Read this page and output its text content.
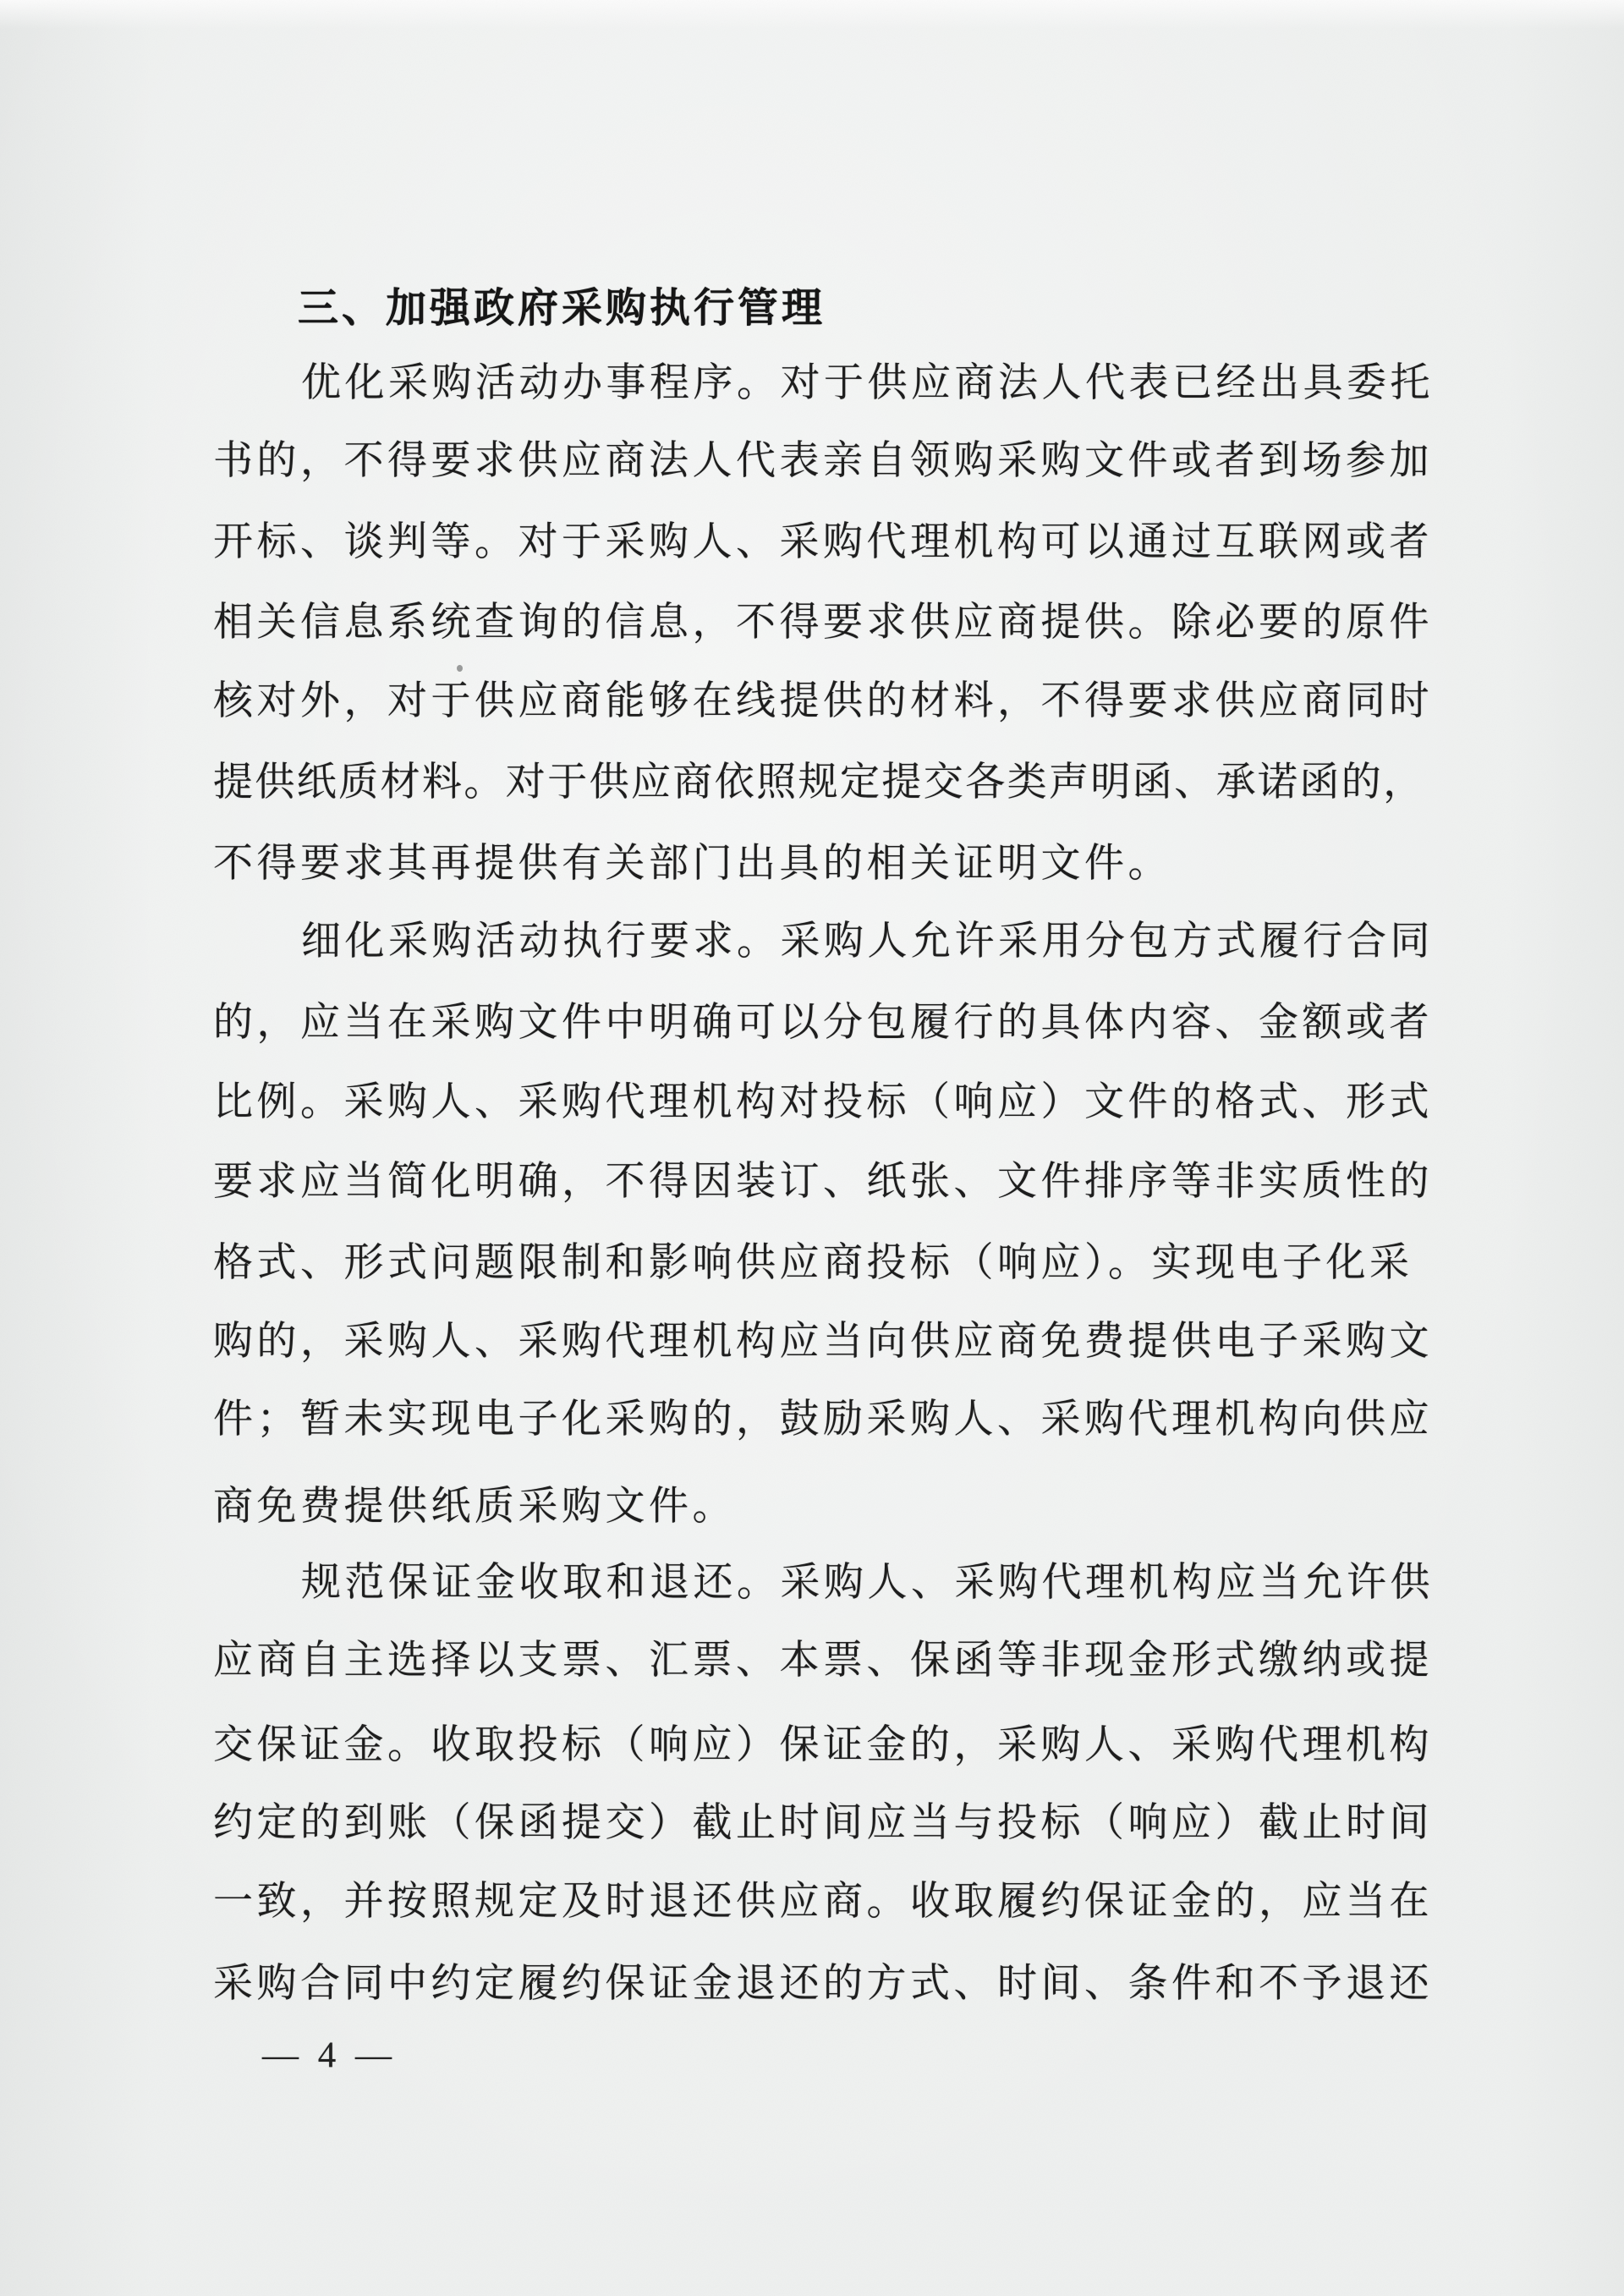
三、加强政府采购执行管理
优化采购活动办事程序。对于供应商法人代表已经出具委托
书的，不得要求供应商法人代表亲自领购采购文件或者到场参加
开标、谈判等。对于采购人、采购代理机构可以通过互联网或者
相关信息系统查询的信息，不得要求供应商提供。除必要的原件
核对外，对于供应商能够在线提供的材料，不得要求供应商同时
提供纸质材料。对于供应商依照规定提交各类声明函、承诺函的，
不得要求其再提供有关部门出具的相关证明文件。
细化采购活动执行要求。采购人允许采用分包方式履行合同
的，应当在采购文件中明确可以分包履行的具体内容、金额或者
比例。采购人、采购代理机构对投标（响应）文件的格式、形式
要求应当简化明确，不得因装订、纸张、文件排序等非实质性的
格式、形式问题限制和影响供应商投标（响应）。实现电子化采
购的，采购人、采购代理机构应当向供应商免费提供电子采购文
件；暂未实现电子化采购的，鼓励采购人、采购代理机构向供应
商免费提供纸质采购文件。
规范保证金收取和退还。采购人、采购代理机构应当允许供
应商自主选择以支票、汇票、本票、保函等非现金形式缴纳或提
交保证金。收取投标（响应）保证金的，采购人、采购代理机构
约定的到账（保函提交）截止时间应当与投标（响应）截止时间
一致，并按照规定及时退还供应商。收取履约保证金的，应当在
采购合同中约定履约保证金退还的方式、时间、条件和不予退还
— 4 —
